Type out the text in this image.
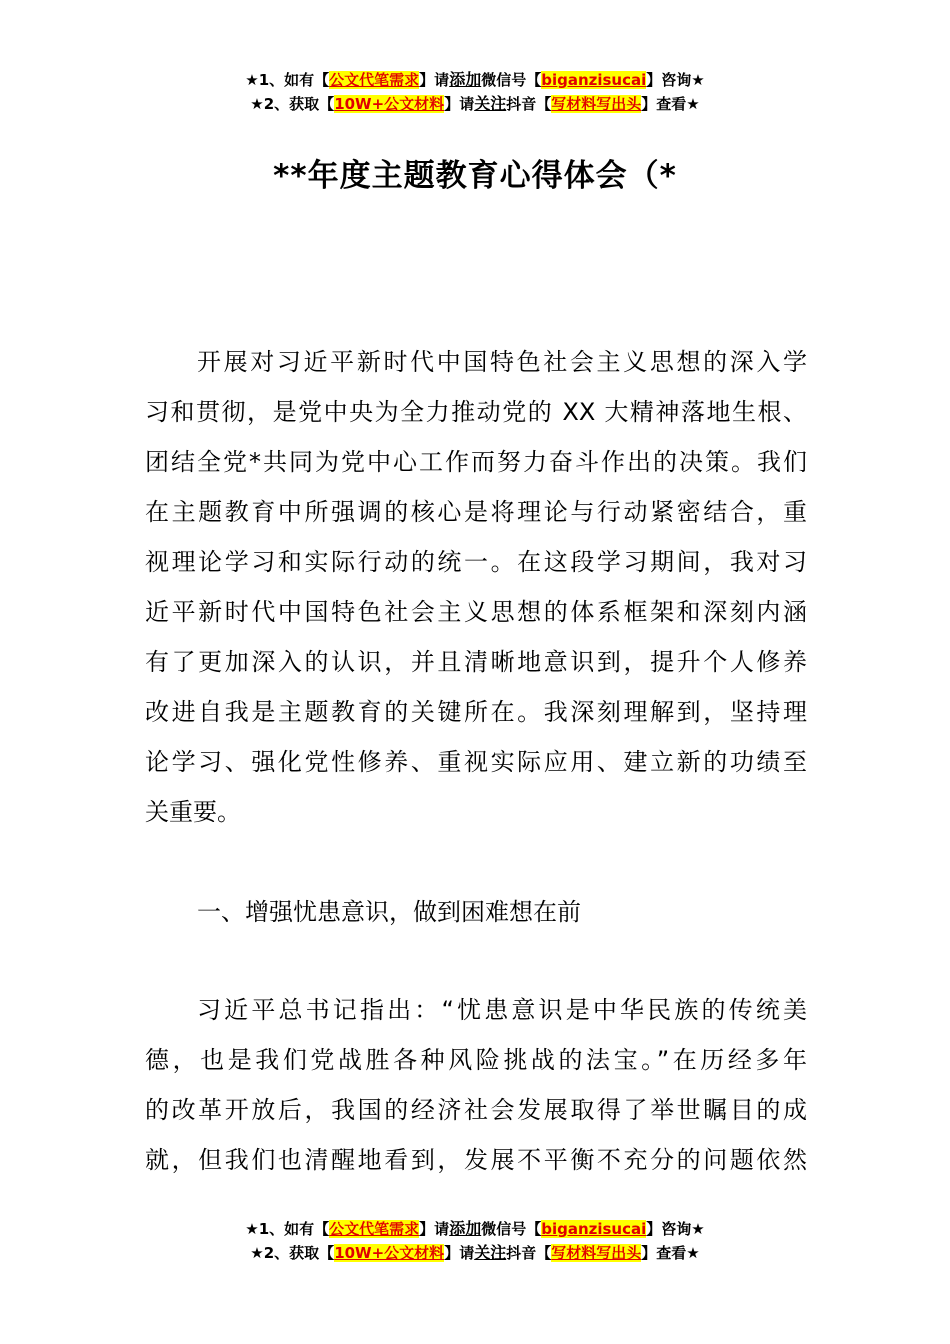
★1、如有【公文代笔需求】请添加微信号【biganzisucai】咨询★
★2、获取【10W+公文材料】请关注抖音【写材料写出头】查看★
**年度主题教育心得体会（*
开展对习近平新时代中国特色社会主义思想的深入学
习和贯彻，是党中央为全力推动党的 XX 大精神落地生根、
团结全党*共同为党中心工作而努力奋斗作出的决策。我们
在主题教育中所强调的核心是将理论与行动紧密结合，重
视理论学习和实际行动的统一。在这段学习期间，我对习
近平新时代中国特色社会主义思想的体系框架和深刻内涵
有了更加深入的认识，并且清晰地意识到，提升个人修养
改进自我是主题教育的关键所在。我深刻理解到，坚持理
论学习、强化党性修养、重视实际应用、建立新的功绩至
关重要。
一、增强忧患意识，做到困难想在前
习近平总书记指出：“忧患意识是中华民族的传统美
德，也是我们党战胜各种风险挑战的法宝。”在历经多年
的改革开放后，我国的经济社会发展取得了举世瞩目的成
就，但我们也清醒地看到，发展不平衡不充分的问题依然
★1、如有【公文代笔需求】请添加微信号【biganzisucai】咨询★
★2、获取【10W+公文材料】请关注抖音【写材料写出头】查看★
